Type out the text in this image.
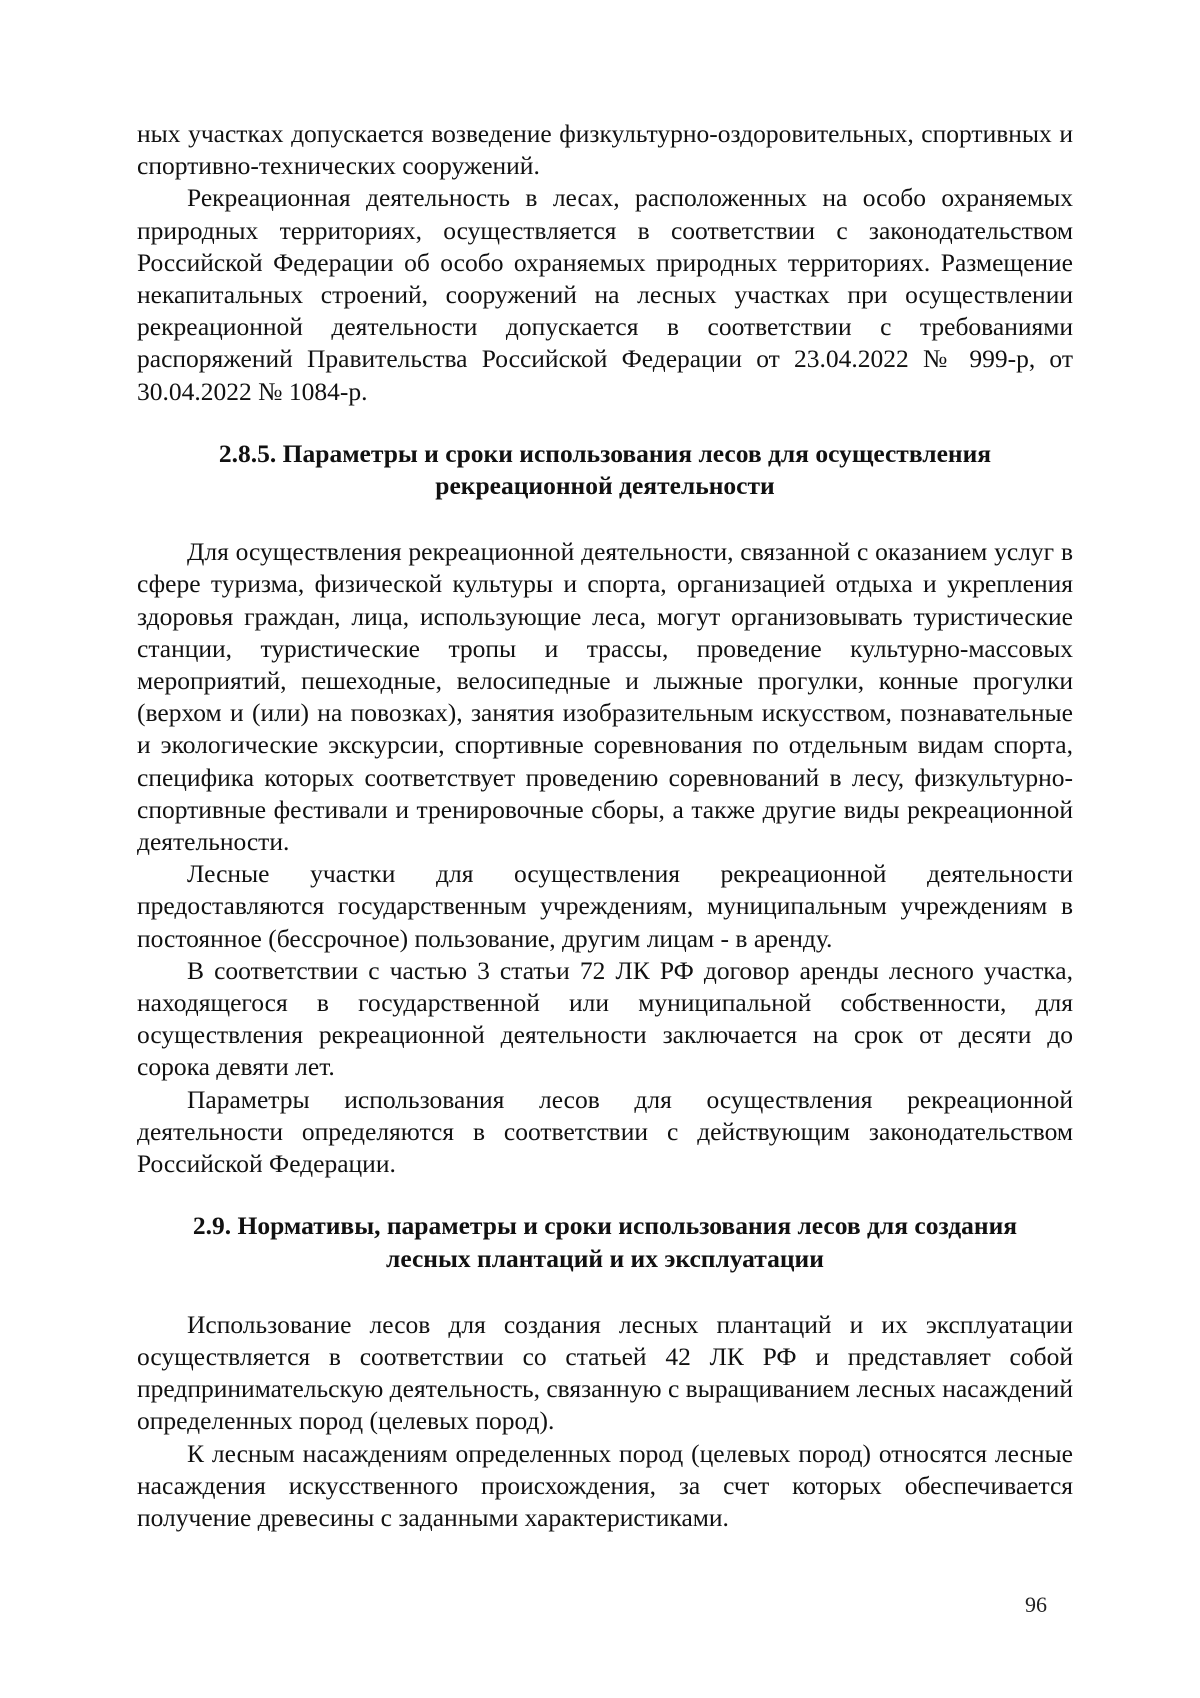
ных участках допускается возведение физкультурно-оздоровительных, спортивных и спортивно-технических сооружений.

Рекреационная деятельность в лесах, расположенных на особо охраняемых природных территориях, осуществляется в соответствии с законодательством Российской Федерации об особо охраняемых природных территориях. Размещение некапитальных строений, сооружений на лесных участках при осуществлении рекреационной деятельности допускается в соответствии с требованиями распоряжений Правительства Российской Федерации от 23.04.2022 № 999-р, от 30.04.2022 № 1084-р.

2.8.5. Параметры и сроки использования лесов для осуществления рекреационной деятельности

Для осуществления рекреационной деятельности, связанной с оказанием услуг в сфере туризма, физической культуры и спорта, организацией отдыха и укрепления здоровья граждан, лица, использующие леса, могут организовывать туристические станции, туристические тропы и трассы, проведение культурно-массовых мероприятий, пешеходные, велосипедные и лыжные прогулки, конные прогулки (верхом и (или) на повозках), занятия изобразительным искусством, познавательные и экологические экскурсии, спортивные соревнования по отдельным видам спорта, специфика которых соответствует проведению соревнований в лесу, физкультурно-спортивные фестивали и тренировочные сборы, а также другие виды рекреационной деятельности.

Лесные участки для осуществления рекреационной деятельности предоставляются государственным учреждениям, муниципальным учреждениям в постоянное (бессрочное) пользование, другим лицам - в аренду.

В соответствии с частью 3 статьи 72 ЛК РФ договор аренды лесного участка, находящегося в государственной или муниципальной собственности, для осуществления рекреационной деятельности заключается на срок от десяти до сорока девяти лет.

Параметры использования лесов для осуществления рекреационной деятельности определяются в соответствии с действующим законодательством Российской Федерации.

2.9. Нормативы, параметры и сроки использования лесов для создания лесных плантаций и их эксплуатации

Использование лесов для создания лесных плантаций и их эксплуатации осуществляется в соответствии со статьей 42 ЛК РФ и представляет собой предпринимательскую деятельность, связанную с выращиванием лесных насаждений определенных пород (целевых пород).

К лесным насаждениям определенных пород (целевых пород) относятся лесные насаждения искусственного происхождения, за счет которых обеспечивается получение древесины с заданными характеристиками.

96
